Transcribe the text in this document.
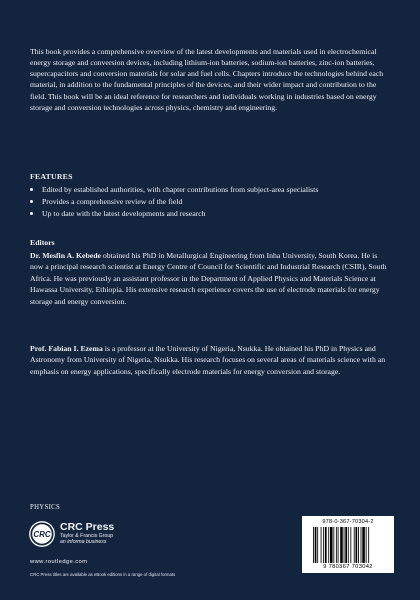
This book provides a comprehensive overview of the latest developments and materials used in electrochemical energy storage and conversion devices, including lithium-ion batteries, sodium-ion batteries, zinc-ion batteries, supercapacitors and conversion materials for solar and fuel cells. Chapters introduce the technologies behind each material, in addition to the fundamental principles of the devices, and their wider impact and contribution to the field. This book will be an ideal reference for researchers and individuals working in industries based on energy storage and conversion technologies across physics, chemistry and engineering.

FEATURES
Edited by established authorities, with chapter contributions from subject-area specialists
Provides a comprehensive review of the field
Up to date with the latest developments and research
Editors

Dr. Mesfin A. Kebede obtained his PhD in Metallurgical Engineering from Inha University, South Korea. He is now a principal research scientist at Energy Centre of Council for Scientific and Industrial Research (CSIR), South Africa. He was previously an assistant professor in the Department of Applied Physics and Materials Science at Hawassa University, Ethiopia. His extensive research experience covers the use of electrode materials for energy storage and energy conversion.

Prof. Fabian I. Ezema is a professor at the University of Nigeria, Nsukka. He obtained his PhD in Physics and Astronomy from University of Nigeria, Nsukka. His research focuses on several areas of materials science with an emphasis on energy applications, specifically electrode materials for energy conversion and storage.

PHYSICS

CRC
CRC Press
Taylor & Francis Group
an informa business

www.routledge.com

CRC Press titles are available as eBook editions in a range of digital formats

978-0-367-70304-2
9 780367 703042
